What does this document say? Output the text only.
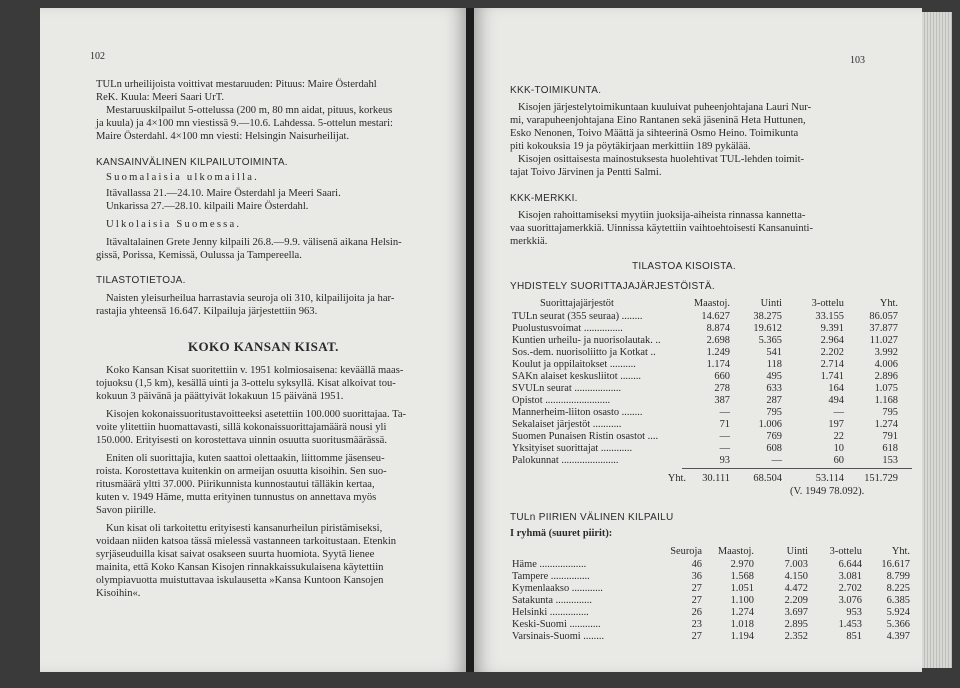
102
TULn urheilijoista voittivat mestaruuden: Pituus: Maire Österdahl
ReK. Kuula: Meeri Saari UrT.
Mestaruuskilpailut 5-ottelussa (200 m, 80 mn aidat, pituus, korkeus
ja kuula) ja 4×100 mn viestissä 9.—10.6. Lahdessa. 5-ottelun mestari:
Maire Österdahl. 4×100 mn viesti: Helsingin Naisurheilijat.
KANSAINVÄLINEN KILPAILUTOIMINTA.
Suomalaisia ulkomailla.
Itävallassa 21.—24.10. Maire Österdahl ja Meeri Saari.
Unkarissa 27.—28.10. kilpaili Maire Österdahl.
Ulkolaisia Suomessa.
Itävaltalainen Grete Jenny kilpaili 26.8.—9.9. välisenä aikana Helsin-
gissä, Porissa, Kemissä, Oulussa ja Tampereella.
TILASTOTIETOJA.
Naisten yleisurheilua harrastavia seuroja oli 310, kilpailijoita ja har-
rastajia yhteensä 16.647. Kilpailuja järjestettiin 963.
KOKO KANSAN KISAT.
Koko Kansan Kisat suoritettiin v. 1951 kolmiosaisena: keväällä maas-
tojuoksu (1,5 km), kesällä uinti ja 3-ottelu syksyllä. Kisat alkoivat tou-
kokuun 3 päivänä ja päättyivät lokakuun 15 päivänä 1951.
Kisojen kokonaissuoritustavoitteeksi asetettiin 100.000 suorittajaa. Ta-
voite ylitettiin huomattavasti, sillä kokonaissuorittajamäärä nousi yli
150.000. Erityisesti on korostettava uinnin osuutta suoritusmäärässä.
Eniten oli suorittajia, kuten saattoi olettaakin, liittomme jäsenseu-
roista. Korostettava kuitenkin on armeijan osuutta kisoihin. Sen suo-
ritusmäärä yltti 37.000. Piirikunnista kunnostautui tälläkin kertaa,
kuten v. 1949 Häme, mutta erityinen tunnustus on annettava myös
Savon piirille.
Kun kisat oli tarkoitettu erityisesti kansanurheilun piristämiseksi,
voidaan niiden katsoa tässä mielessä vastanneen tarkoitustaan. Etenkin
syrjäseuduilla kisat saivat osakseen suurta huomiota. Syytä lienee
mainita, että Koko Kansan Kisojen rinnakkaissukulaisena käytettiin
olympiavuotta muistuttavaa iskulausetta »Kansa Kuntoon Kansojen
Kisoihin«.
103
KKK-TOIMIKUNTA.
Kisojen järjestelytoimikuntaan kuuluivat puheenjohtajana Lauri Nur-
mi, varapuheenjohtajana Eino Rantanen sekä jäseninä Heta Huttunen,
Esko Nenonen, Toivo Määttä ja sihteerinä Osmo Heino. Toimikunta
piti kokouksia 19 ja pöytäkirjaan merkittiin 189 pykälää.
Kisojen osittaisesta mainostuksesta huolehtivat TUL-lehden toimit-
tajat Toivo Järvinen ja Pentti Salmi.
KKK-MERKKI.
Kisojen rahoittamiseksi myytiin juoksija-aiheista rinnassa kannetta-
vaa suorittajamerkkiä. Uinnissa käytettiin vaihtoehtoisesti Kansanuinti-
merkkiä.
TILASTOA KISOISTA.
YHDISTELY SUORITTAJAJÄRJESTÖISTÄ.
Suorittajajärjestöt	Maastoj.	Uinti	3-ottelu	Yht.
TULn seurat (355 seuraa) ........	14.627	38.275	33.155	86.057
Puolustusvoimat ...............	8.874	19.612	9.391	37.877
Kuntien urheilu- ja nuorisolautak. ..	2.698	5.365	2.964	11.027
Sos.-dem. nuorisoliitto ja Kotkat ..	1.249	541	2.202	3.992
Koulut ja oppilaitokset ..........	1.174	118	2.714	4.006
SAKn alaiset keskusliitot ........	660	495	1.741	2.896
SVULn seurat ..................	278	633	164	1.075
Opistot .........................	387	287	494	1.168
Mannerheim-liiton osasto ........	—	795	—	795
Sekalaiset järjestöt ...........	71	1.006	197	1.274
Suomen Punaisen Ristin osastot ....	—	769	22	791
Yksityiset suorittajat ............	—	608	10	618
Palokunnat ......................	93	—	60	153
Yht.	30.111	68.504	53.114	151.729
(V. 1949 78.092).
TULn PIIRIEN VÄLINEN KILPAILU
I ryhmä (suuret piirit):
Seuroja	Maastoj.	Uinti	3-ottelu	Yht.
Häme ..................	46	2.970	7.003	6.644	16.617
Tampere ...............	36	1.568	4.150	3.081	8.799
Kymenlaakso ............	27	1.051	4.472	2.702	8.225
Satakunta ..............	27	1.100	2.209	3.076	6.385
Helsinki ...............	26	1.274	3.697	953	5.924
Keski-Suomi ............	23	1.018	2.895	1.453	5.366
Varsinais-Suomi ........	27	1.194	2.352	851	4.397
